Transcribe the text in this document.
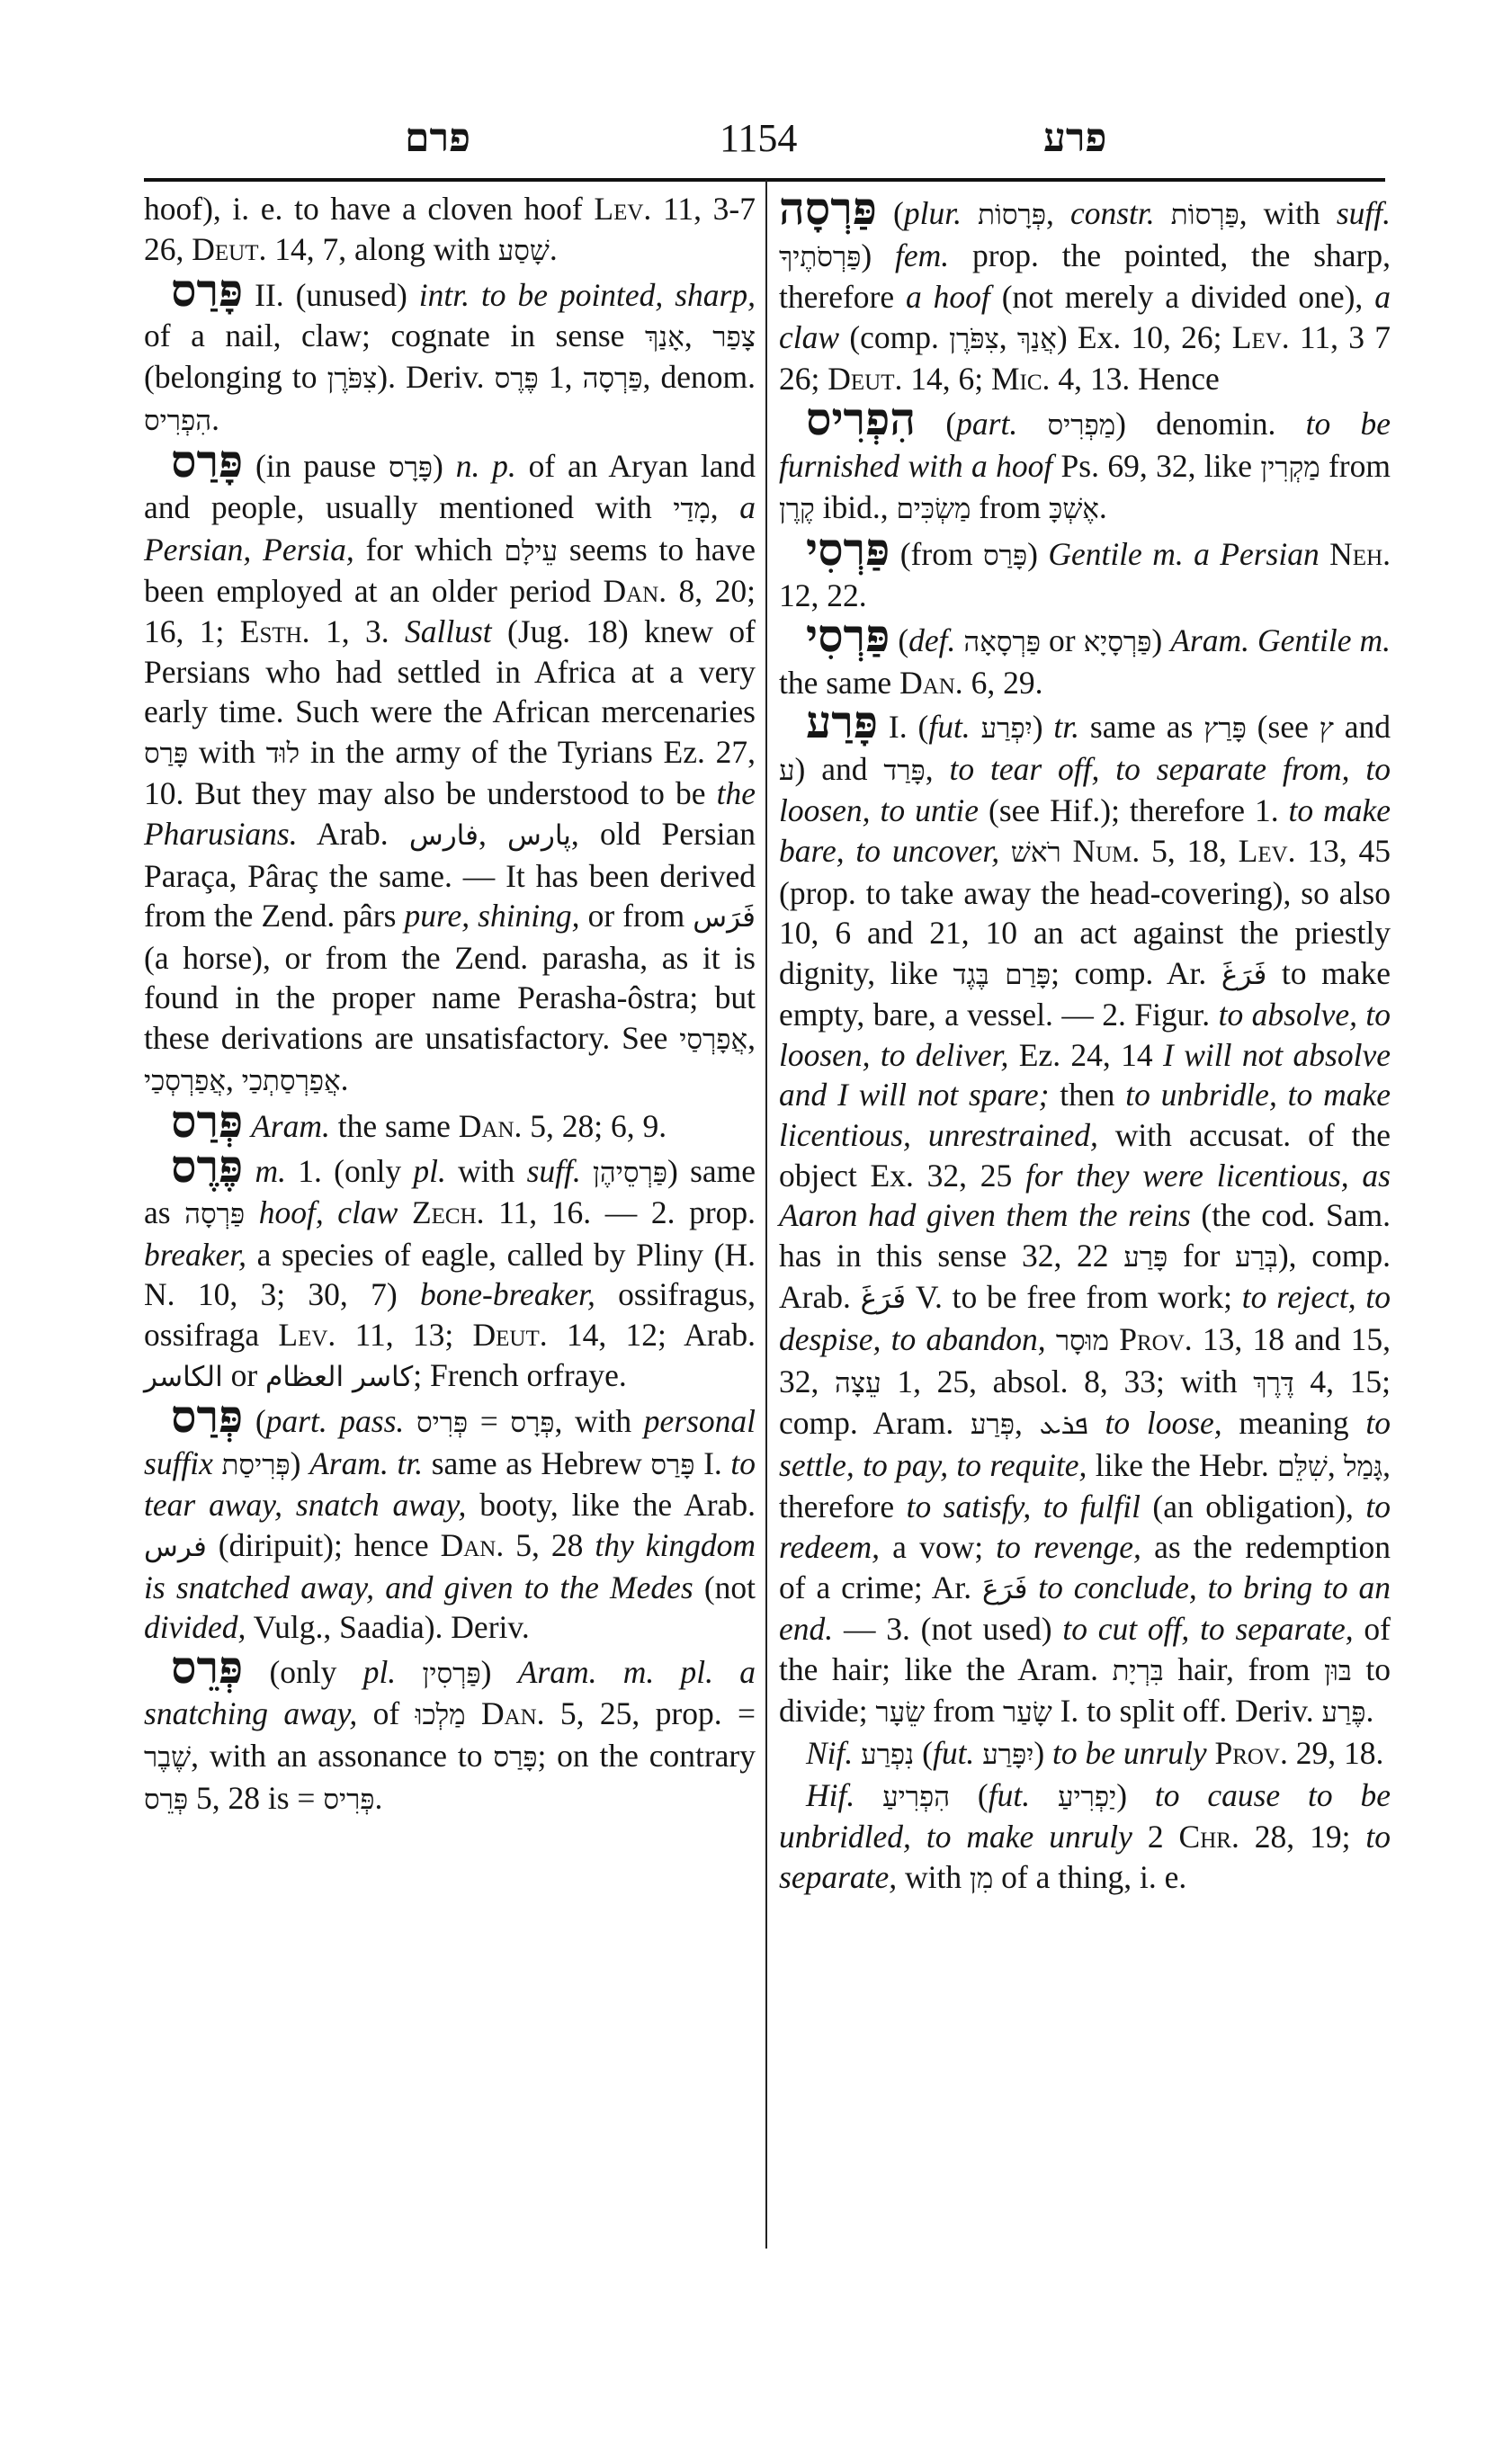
פרם	1154	פרע

hoof), i. e. to have a cloven hoof Lev. 11, 3-7 26, Deut. 14, 7, along with שָׁסַע.

פָּרַס II. (unused) intr. to be pointed, sharp, of a nail, claw; cognate in sense אָנַךְ, צָפַר (belonging to צִפֹּרֶן). Deriv. פֶּרֶס 1, פַּרְסָה, denom. הִפְרִיס.

פָּרַס (in pause פָּרָס) n. p. of an Aryan land and people, usually mentioned with מָדַי, a Persian, Persia, for which עֵילָם seems to have been employed at an older period Dan. 8, 20; 16, 1; Esth. 1, 3. Sallust (Jug. 18) knew of Persians who had settled in Africa at a very early time. Such were the African mercenaries פָּרַס with לוּד in the army of the Tyrians Ez. 27, 10. But they may also be understood to be the Pharusians. Arab. فارس, پارس, old Persian Paraça, Pâraç the same. — It has been derived from the Zend. pârs pure, shining, or from فَرَس (a horse), or from the Zend. parasha, as it is found in the proper name Perasha-ôstra; but these derivations are unsatisfactory. See אֲפָרְסַי, אֲפַרְסְכַי, אֲפַרְסַתְכַי.

פְּרַס Aram. the same Dan. 5, 28; 6, 9.

פֶּרֶס m. 1. (only pl. with suff. פַּרְסֵיהֶן) same as פַּרְסָה hoof, claw Zech. 11, 16. — 2. prop. breaker, a species of eagle, called by Pliny (H. N. 10, 3; 30, 7) bone-breaker, ossifragus, ossifraga Lev. 11, 13; Deut. 14, 12; Arab. الكاسر or كاسر العظام; French orfraye.

פְּרַס (part. pass. פְּרִיס = פְּרָס, with personal suffix פְּרִיסַת) Aram. tr. same as Hebrew פָּרַס I. to tear away, snatch away, booty, like the Arab. فرس (diripuit); hence Dan. 5, 28 thy kingdom is snatched away, and given to the Medes (not divided, Vulg., Saadia). Deriv.

פְּרֵס (only pl. פַּרְסִין) Aram. m. pl. a snatching away, of מַלְכוּ Dan. 5, 25, prop. = שֶׁבֶר, with an assonance to פָּרַס; on the contrary פְּרֵס 5, 28 is = פְּרִיס.

פַּרְסָה (plur. פְּרָסוֹת, constr. פַּרְסוֹת, with suff. פַּרְסֹתֶיךָ) fem. prop. the pointed, the sharp, therefore a hoof (not merely a divided one), a claw (comp. צִפֹּרֶן, אֲנַךְ) Ex. 10, 26; Lev. 11, 3 7 26; Deut. 14, 6; Mic. 4, 13. Hence

הִפְרִיס (part. מַפְרִיס) denomin. to be furnished with a hoof Ps. 69, 32, like מַקְרִין from קֶרֶן ibid., מַשְׂכִּים from אֶשְׁכָּ.

פַּרְסִי (from פָּרַס) Gentile m. a Persian Neh. 12, 22.

פַּרְסִי (def. פַּרְסָאָה or פַּרְסָיָא) Aram. Gentile m. the same Dan. 6, 29.

פָּרַע I. (fut. יִפְרַע) tr. same as פָּרַץ (see ץ and ע) and פָּרַד, to tear off, to separate from, to loosen, to untie (see Hif.); therefore 1. to make bare, to uncover, רֹאשׁ Num. 5, 18, Lev. 13, 45 (prop. to take away the head-covering), so also 10, 6 and 21, 10 an act against the priestly dignity, like פָּרַם בֶּגֶד; comp. Ar. فَرَغَ to make empty, bare, a vessel. — 2. Figur. to absolve, to loosen, to deliver, Ez. 24, 14 I will not absolve and I will not spare; then to unbridle, to make licentious, unrestrained, with accusat. of the object Ex. 32, 25 for they were licentious, as Aaron had given them the reins (the cod. Sam. has in this sense 32, 22 פָּרַע for בְּרַע), comp. Arab. فَرَغَ V. to be free from work; to reject, to despise, to abandon, מוּסָר Prov. 13, 18 and 15, 32, עֵצָה 1, 25, absol. 8, 33; with דֶּרֶךְ 4, 15; comp. Aram. פְּרַע, ܦܪܥ to loose, meaning to settle, to pay, to requite, like the Hebr. שִׁלֵּם, גָּמַל, therefore to satisfy, to fulfil (an obligation), to redeem, a vow; to revenge, as the redemption of a crime; Ar. فَرَعَ to conclude, to bring to an end. — 3. (not used) to cut off, to separate, of the hair; like the Aram. בִּרְיָת hair, from בּוּן to divide; שֵׂעָר from שָׂעַר I. to split off. Deriv. פֶּרַע.

Nif. נִפְרַע (fut. יִפָּרַע) to be unruly Prov. 29, 18.

Hif. הִפְרִיעַ (fut. יַפְרִיעַ) to cause to be unbridled, to make unruly 2 Chr. 28, 19; to separate, with מִן of a thing, i. e.
